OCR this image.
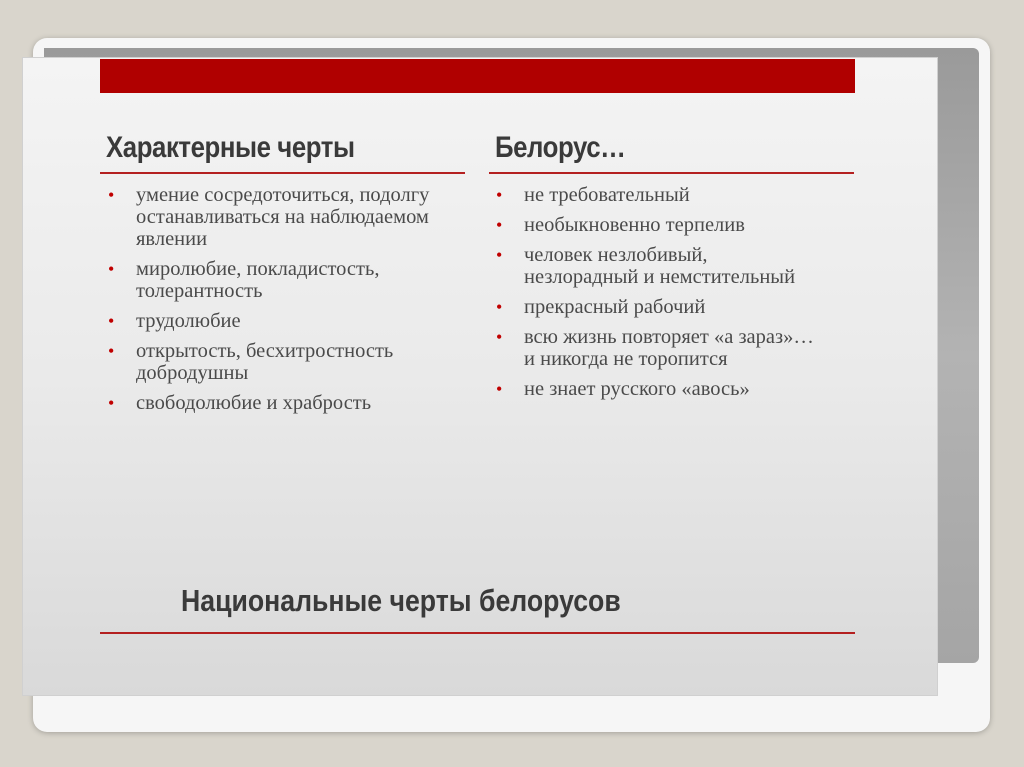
Характерные черты	Белорус…
• умение сосредоточиться, подолгу останавливаться на наблюдаемом явлении
• миролюбие, покладистость, толерантность
• трудолюбие
• открытость, бесхитростность добродушны
• свободолюбие и храбрость
• не требовательный
• необыкновенно терпелив
• человек незлобивый, незлорадный и немстительный
• прекрасный рабочий
• всю жизнь повторяет «а зараз»… и никогда не торопится
• не знает русского «авось»
Национальные черты белорусов
